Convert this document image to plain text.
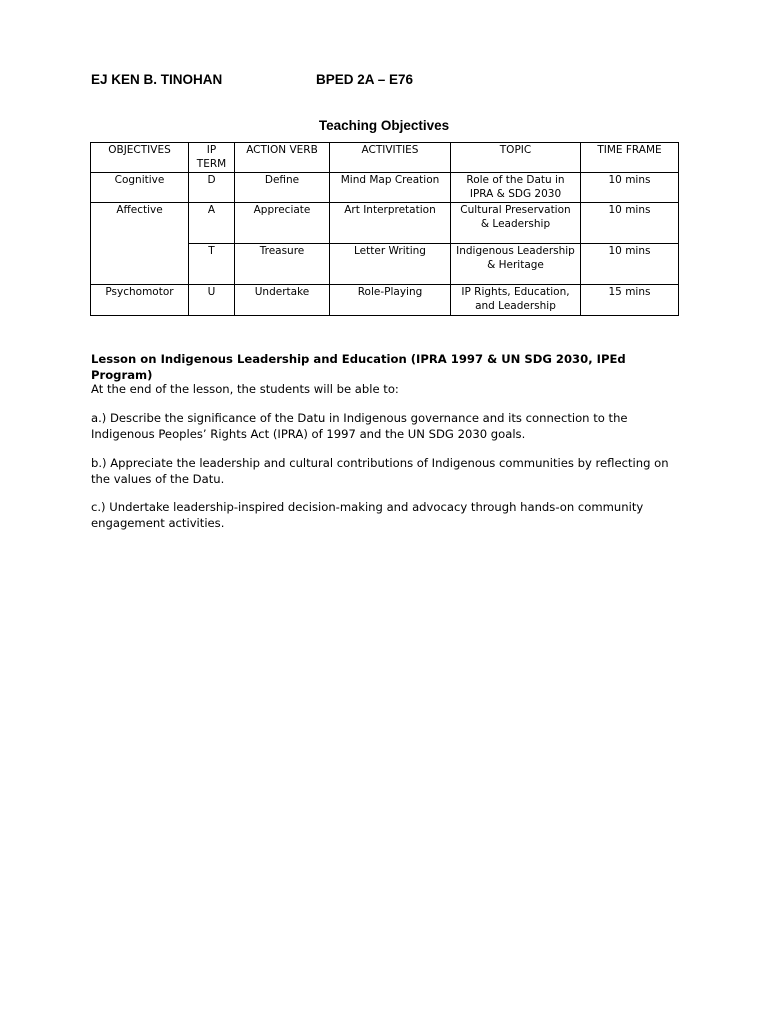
EJ KEN B. TINOHAN	BPED 2A – E76
Teaching Objectives
OBJECTIVES	IP TERM	ACTION VERB	ACTIVITIES	TOPIC	TIME FRAME
Cognitive	D	Define	Mind Map Creation	Role of the Datu in IPRA & SDG 2030	10 mins
Affective	A	Appreciate	Art Interpretation	Cultural Preservation & Leadership	10 mins
	T	Treasure	Letter Writing	Indigenous Leadership & Heritage	10 mins
Psychomotor	U	Undertake	Role-Playing	IP Rights, Education, and Leadership	15 mins
Lesson on Indigenous Leadership and Education (IPRA 1997 & UN SDG 2030, IPEd Program)
At the end of the lesson, the students will be able to:
a.) Describe the significance of the Datu in Indigenous governance and its connection to the Indigenous Peoples’ Rights Act (IPRA) of 1997 and the UN SDG 2030 goals.
b.) Appreciate the leadership and cultural contributions of Indigenous communities by reflecting on the values of the Datu.
c.) Undertake leadership-inspired decision-making and advocacy through hands-on community engagement activities.
